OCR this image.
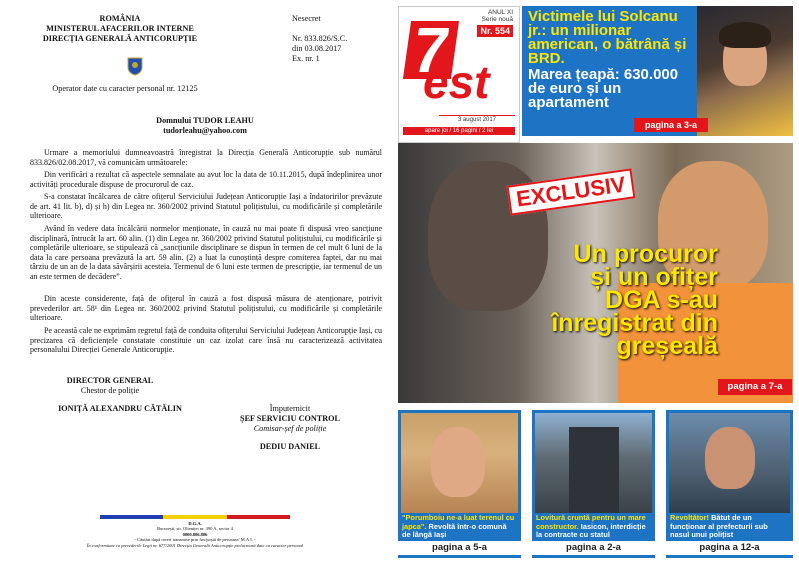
ROMÂNIA
MINISTERUL AFACERILOR INTERNE
DIRECȚIA GENERALĂ ANTICORUPȚIE
Operator date cu caracter personal nr. 12125
Nesecret
Nr. 833.826/S.C.
din 03.08.2017
Ex. nr. 1
Domnului TUDOR LEAHU
tudorleahu@yahoo.com
Urmare a memoriului dumneavoastră înregistrat la Direcția Generală Anticorupție sub numărul 833.826/02.08.2017, vă comunicăm următoarele:
Din verificări a rezultat că aspectele semnalate au avut loc la data de 10.11.2015, după îndeplinirea unor activități procedurale dispuse de procurorul de caz.
S-a constatat încălcarea de către ofițerul Serviciului Județean Anticorupție Iași a îndatoririlor prevăzute de art. 41 lit. b), d) și h) din Legea nr. 360/2002 privind Statutul polițistului, cu modificările și completările ulterioare.
Având în vedere data încălcării normelor menționate, în cauză nu mai poate fi dispusă vreo sancțiune disciplinară, întrucât la art. 60 alin. (1) din Legea nr. 360/2002 privind Statutul polițistului, cu modificările și completările ulterioare, se stipulează că „sancțiunile disciplinare se dispun în termen de cel mult 6 luni de la data la care persoana prevăzută la art. 59 alin. (2) a luat la cunoștință despre comiterea faptei, dar nu mai târziu de un an de la data săvârșirii acesteia. Termenul de 6 luni este termen de prescripție, iar termenul de un an este termen de decădere”.
Din aceste considerente, față de ofițerul în cauză a fost dispusă măsura de atenționare, potrivit prevederilor art. 58¹ din Legea nr. 360/2002 privind Statutul polițistului, cu modificările și completările ulterioare.
Pe această cale ne exprimăm regretul față de conduita ofițerului Serviciului Județean Anticorupție Iași, cu precizarea că deficiențele constatate constituie un caz izolat care însă nu caracterizează activitatea personalului Direcției Generale Anticorupție.
DIRECTOR GENERAL
Chestor de poliție
IONIȚĂ ALEXANDRU CĂTĂLIN	Împuternicit
ȘEF SERVICIU CONTROL
Comisar-șef de poliție
DEDIU DANIEL
D.G.A.
București, str. Olteniței nr. 390 A, sector 4
0800.806.806
- Căutări după cereri transmise prin fax/poștă de persoane/ M.A.I. -
În conformitate cu prevederile Legii nr. 677/2001 Direcția Generală Anticorupție prelucrează date cu caracter personal
ANUL XI
Serie nouă
Nr. 554
7
est
3 august 2017
apare joi / 16 pagini / 2 lei
Victimele lui Solcanu jr.: un milionar american, o bătrână și BRD.
Marea țeapă: 630.000 de euro și un apartament
pagina a 3-a
EXCLUSIV
Un procuror și un ofițer DGA s-au înregistrat din greșeală
pagina a 7-a
"Porumboiu ne-a luat terenul cu japca". Revoltă într-o comună de lângă Iași
pagina a 5-a
Lovitură cruntă pentru un mare constructor. Iasicon, interdicție la contracte cu statul
pagina a 2-a
Revoltător! Bătut de un funcționar al prefecturii sub nasul unui polițist
pagina a 12-a
